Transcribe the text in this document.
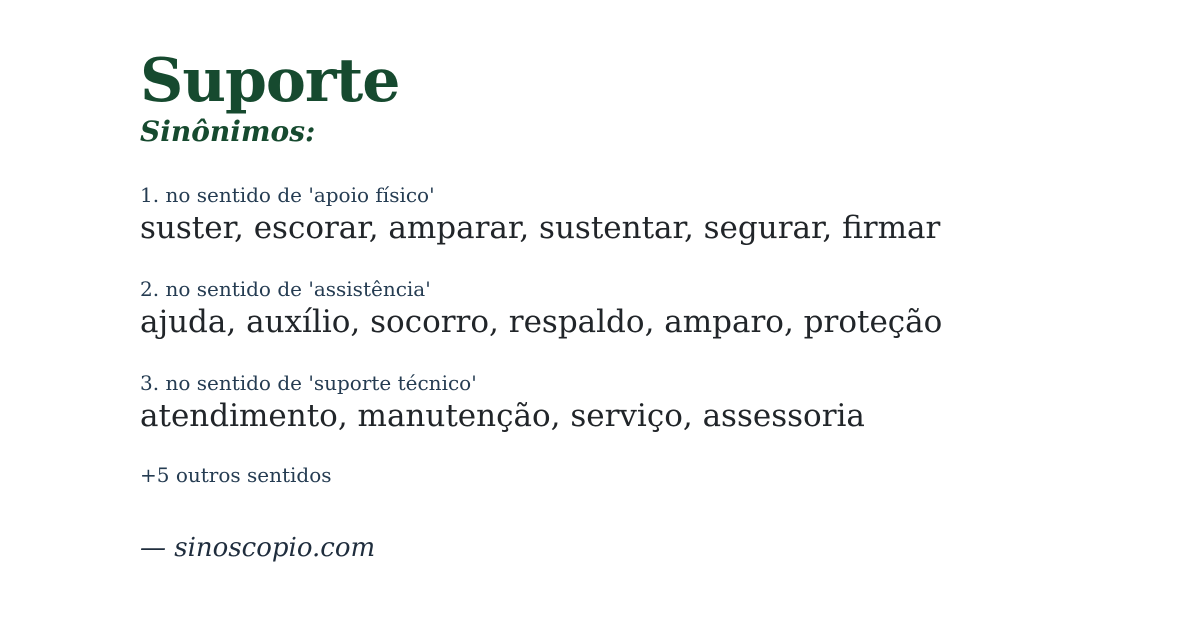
Suporte
Sinônimos:
1. no sentido de 'apoio físico'
suster, escorar, amparar, sustentar, segurar, firmar
2. no sentido de 'assistência'
ajuda, auxílio, socorro, respaldo, amparo, proteção
3. no sentido de 'suporte técnico'
atendimento, manutenção, serviço, assessoria
+5 outros sentidos
— sinoscopio.com
